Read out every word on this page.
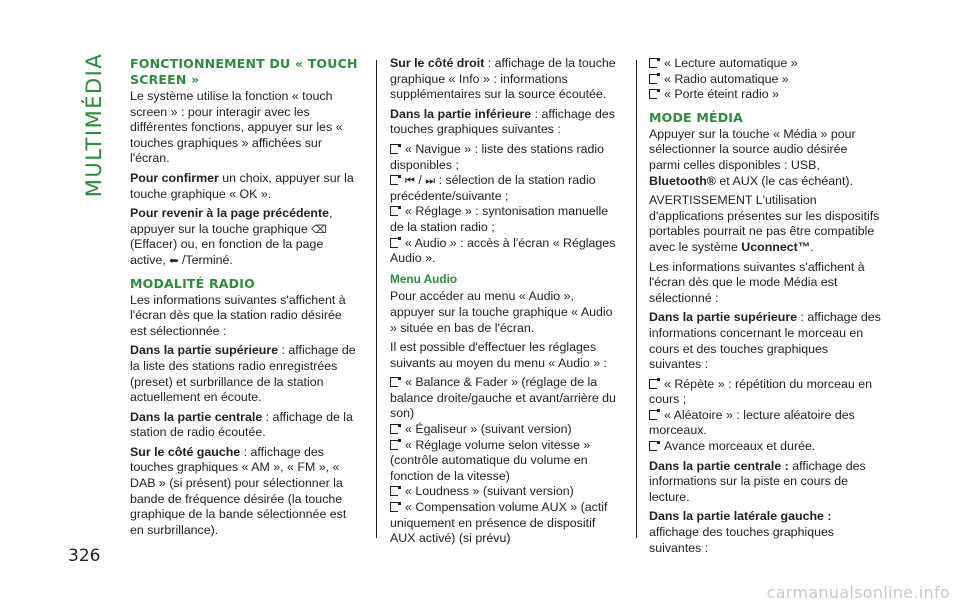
MULTIMÉDIA
326
carmanualsonline.info
FONCTIONNEMENT DU « TOUCH SCREEN »

Le système utilise la fonction « touch screen » : pour interagir avec les différentes fonctions, appuyer sur les « touches graphiques » affichées sur l'écran.

Pour confirmer un choix, appuyer sur la touche graphique « OK ».

Pour revenir à la page précédente, appuyer sur la touche graphique ⌫ (Effacer) ou, en fonction de la page active, ⬅ /Terminé.

MODALITÉ RADIO

Les informations suivantes s'affichent à l'écran dès que la station radio désirée est sélectionnée :

Dans la partie supérieure : affichage de la liste des stations radio enregistrées (preset) et surbrillance de la station actuellement en écoute.

Dans la partie centrale : affichage de la station de radio écoutée.

Sur le côté gauche : affichage des touches graphiques « AM », « FM », « DAB » (si présent) pour sélectionner la bande de fréquence désirée (la touche graphique de la bande sélectionnée est en surbrillance).

Sur le côté droit : affichage de la touche graphique « Info » : informations supplémentaires sur la source écoutée.

Dans la partie inférieure : affichage des touches graphiques suivantes :

« Navigue » : liste des stations radio disponibles ;
⏮ / ⏭ : sélection de la station radio précédente/suivante ;
« Réglage » : syntonisation manuelle de la station radio ;
« Audio » : accès à l'écran « Réglages Audio ».
Menu Audio

Pour accéder au menu « Audio », appuyer sur la touche graphique « Audio » située en bas de l'écran.

Il est possible d'effectuer les réglages suivants au moyen du menu « Audio » :

« Balance & Fader » (réglage de la balance droite/gauche et avant/arrière du son)
« Égaliseur » (suivant version)
« Réglage volume selon vitesse » (contrôle automatique du volume en fonction de la vitesse)
« Loudness » (suivant version)
« Compensation volume AUX » (actif uniquement en présence de dispositif AUX activé) (si prévu)
« Lecture automatique »
« Radio automatique »
« Porte éteint radio »
MODE MÉDIA

Appuyer sur la touche « Média » pour sélectionner la source audio désirée parmi celles disponibles : USB, Bluetooth® et AUX (le cas échéant).

AVERTISSEMENT L'utilisation d'applications présentes sur les dispositifs portables pourrait ne pas être compatible avec le système Uconnect™.

Les informations suivantes s'affichent à l'écran dès que le mode Média est sélectionné :

Dans la partie supérieure : affichage des informations concernant le morceau en cours et des touches graphiques suivantes :

« Répète » : répétition du morceau en cours ;
« Aléatoire » : lecture aléatoire des morceaux.
Avance morceaux et durée.

Dans la partie centrale : affichage des informations sur la piste en cours de lecture.

Dans la partie latérale gauche : affichage des touches graphiques suivantes :
